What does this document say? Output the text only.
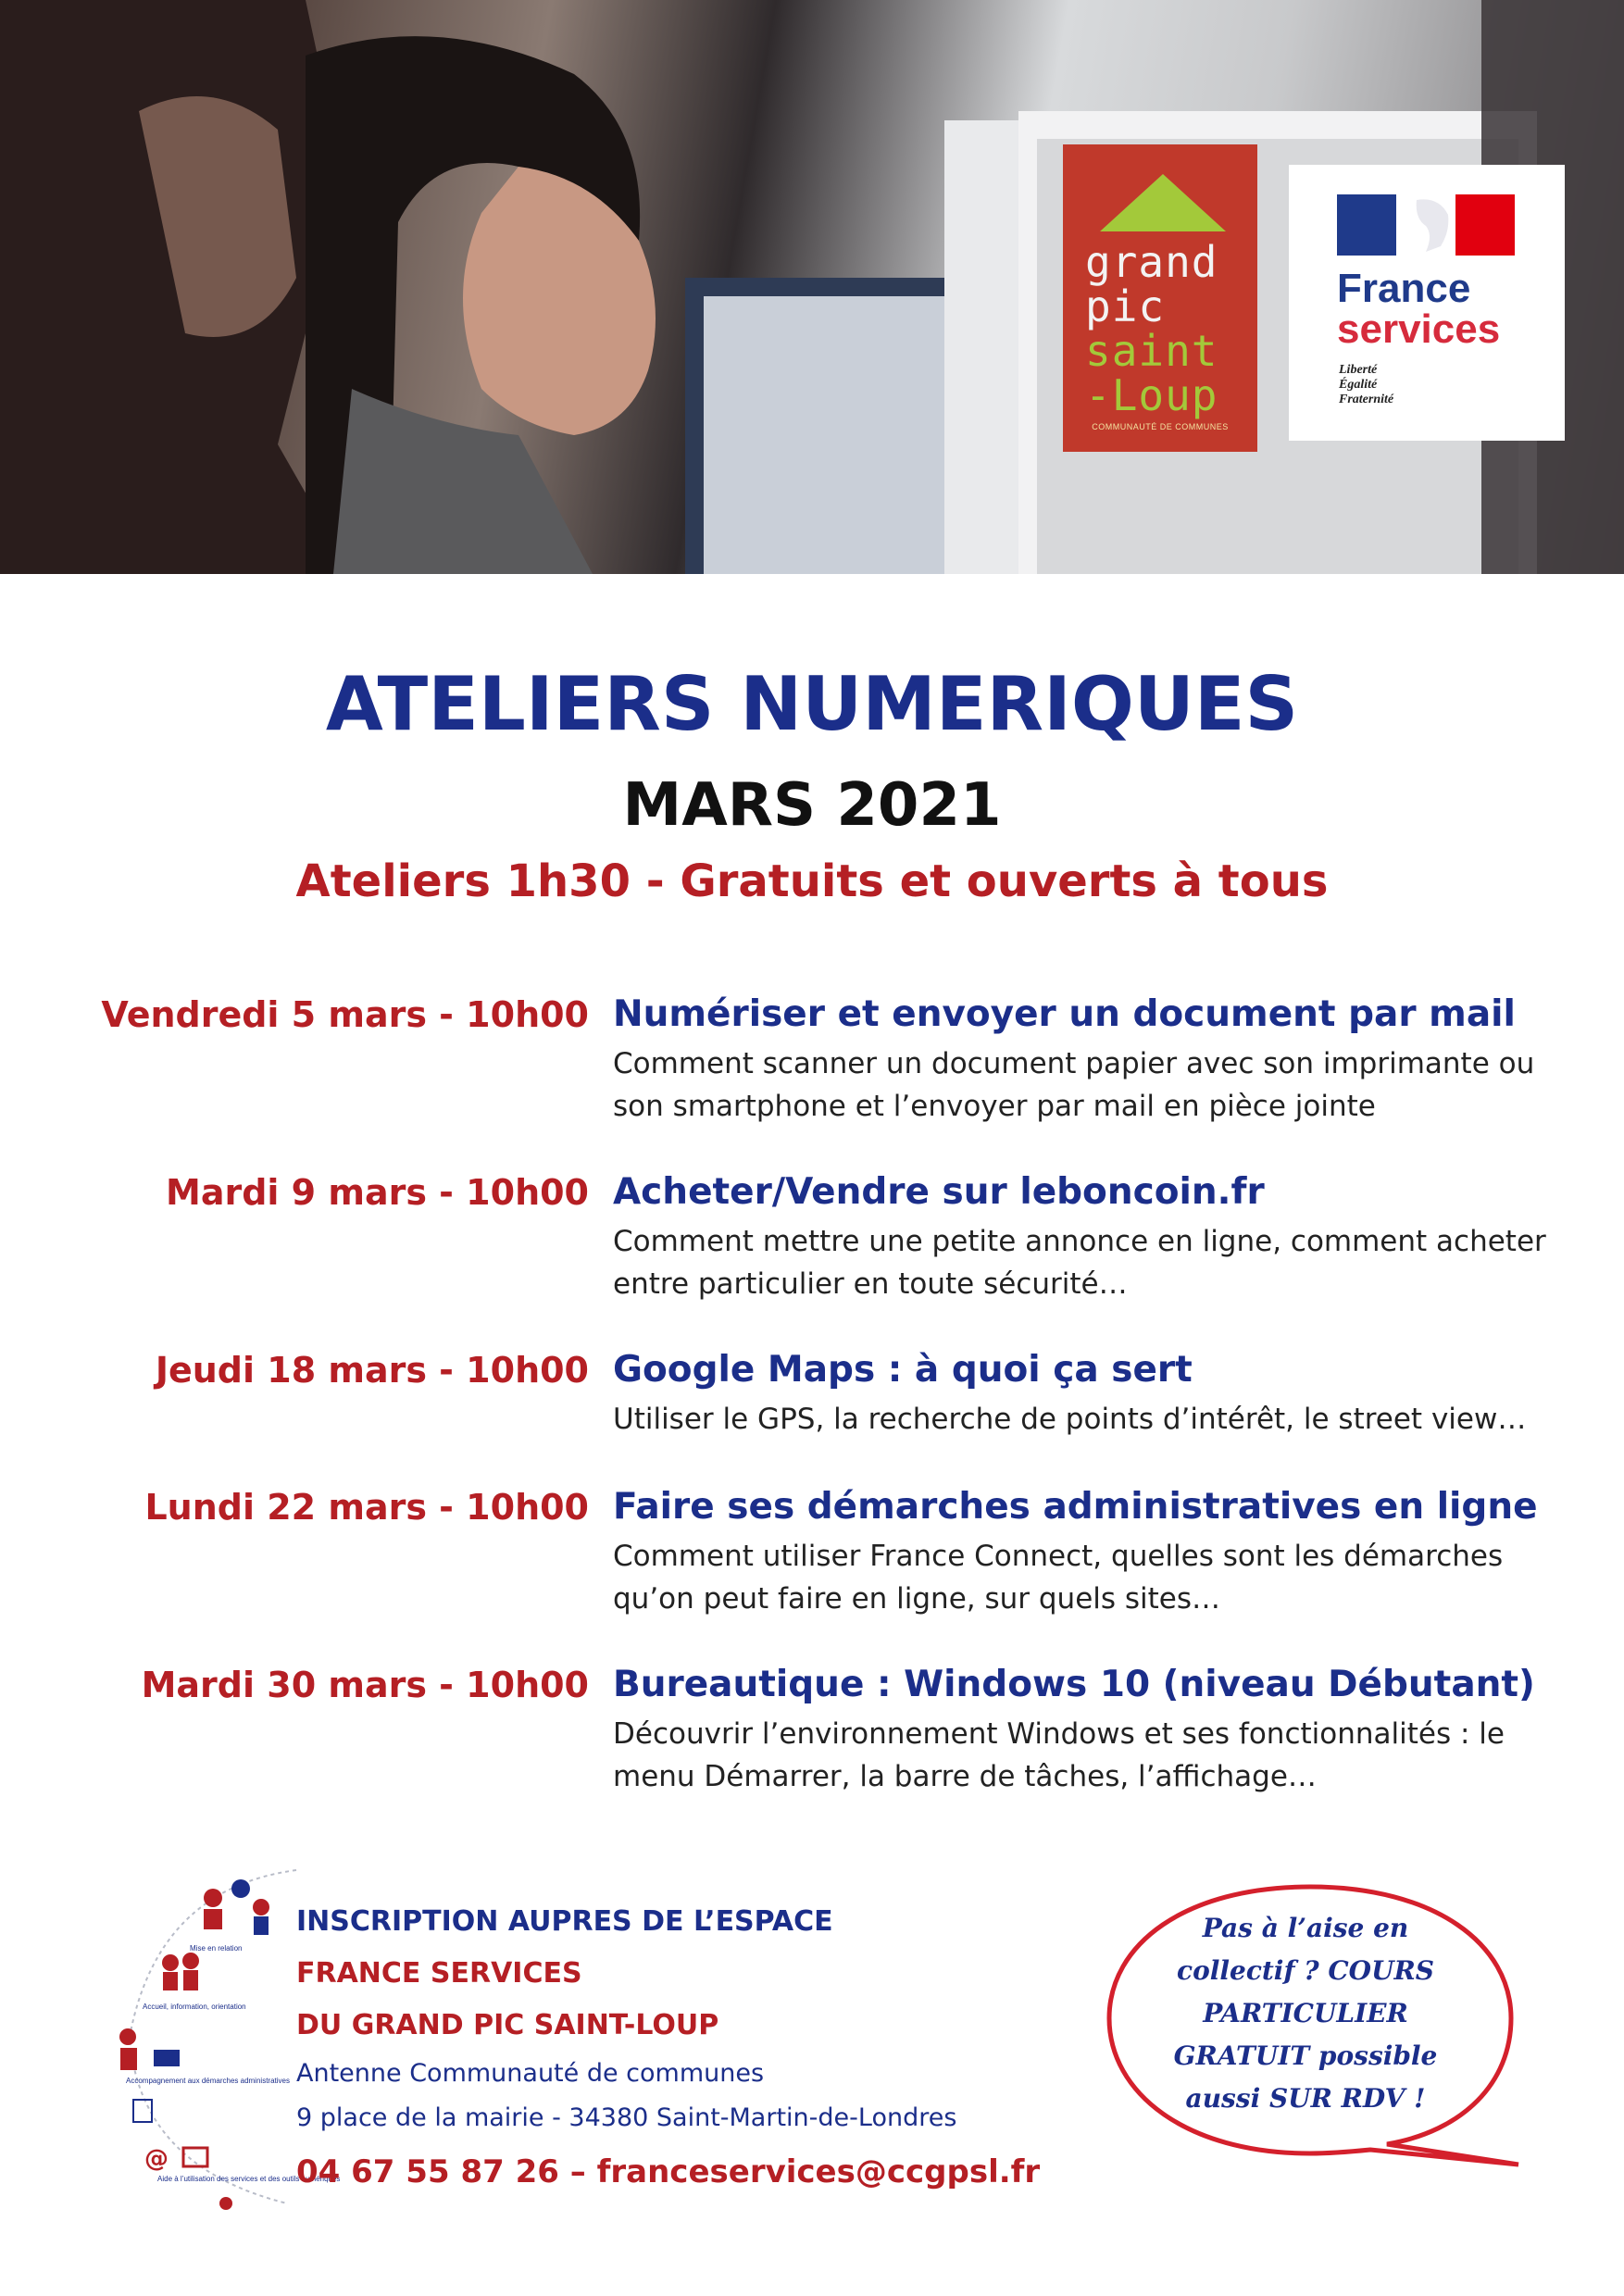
grand
pic
saint
-Loup
COMMUNAUTÉ DE COMMUNES
France
services
Liberté
Égalité
Fraternité
ATELIERS NUMERIQUES
MARS 2021
Ateliers 1h30 - Gratuits et ouverts à tous
Vendredi 5 mars - 10h00 Numériser et envoyer un document par mail
Comment scanner un document papier avec son imprimante ou son smartphone et l’envoyer par mail en pièce jointe
Mardi 9 mars - 10h00 Acheter/Vendre sur leboncoin.fr
Comment mettre une petite annonce en ligne, comment acheter entre particulier en toute sécurité…
Jeudi 18 mars - 10h00 Google Maps : à quoi ça sert
Utiliser le GPS, la recherche de points d’intérêt, le street view…
Lundi 22 mars - 10h00 Faire ses démarches administratives en ligne
Comment utiliser France Connect, quelles sont les démarches qu’on peut faire en ligne, sur quels sites…
Mardi 30 mars - 10h00 Bureautique : Windows 10 (niveau Débutant)
Découvrir l’environnement Windows et ses fonctionnalités : le menu Démarrer, la barre de tâches, l’affichage…
Mise en relation
Accueil, information, orientation
Accompagnement aux démarches administratives
@
Aide à l’utilisation des services et des outils numériques
INSCRIPTION AUPRES DE L’ESPACE
FRANCE SERVICES
DU GRAND PIC SAINT-LOUP
Antenne Communauté de communes
9 place de la mairie - 34380 Saint-Martin-de-Londres
04 67 55 87 26 – franceservices@ccgpsl.fr
Pas à l’aise en
collectif ? COURS
PARTICULIER
GRATUIT possible
aussi SUR RDV !
